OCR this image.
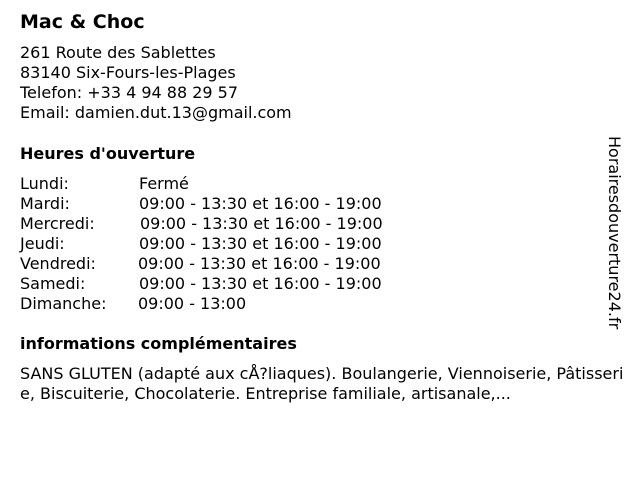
Mac & Choc
261 Route des Sablettes
83140 Six-Fours-les-Plages
Telefon: +33 4 94 88 29 57
Email: damien.dut.13@gmail.com
Heures d'ouverture
Lundi:	Fermé
Mardi:	09:00 - 13:30 et 16:00 - 19:00
Mercredi:	09:00 - 13:30 et 16:00 - 19:00
Jeudi:	09:00 - 13:30 et 16:00 - 19:00
Vendredi:	09:00 - 13:30 et 16:00 - 19:00
Samedi:	09:00 - 13:30 et 16:00 - 19:00
Dimanche: 09:00 - 13:00
informations complémentaires
SANS GLUTEN (adapté aux cÅ?liaques). Boulangerie, Viennoiserie, Pâtisserie, Biscuiterie, Chocolaterie. Entreprise familiale, artisanale,...
Horairesdouverture24.fr
